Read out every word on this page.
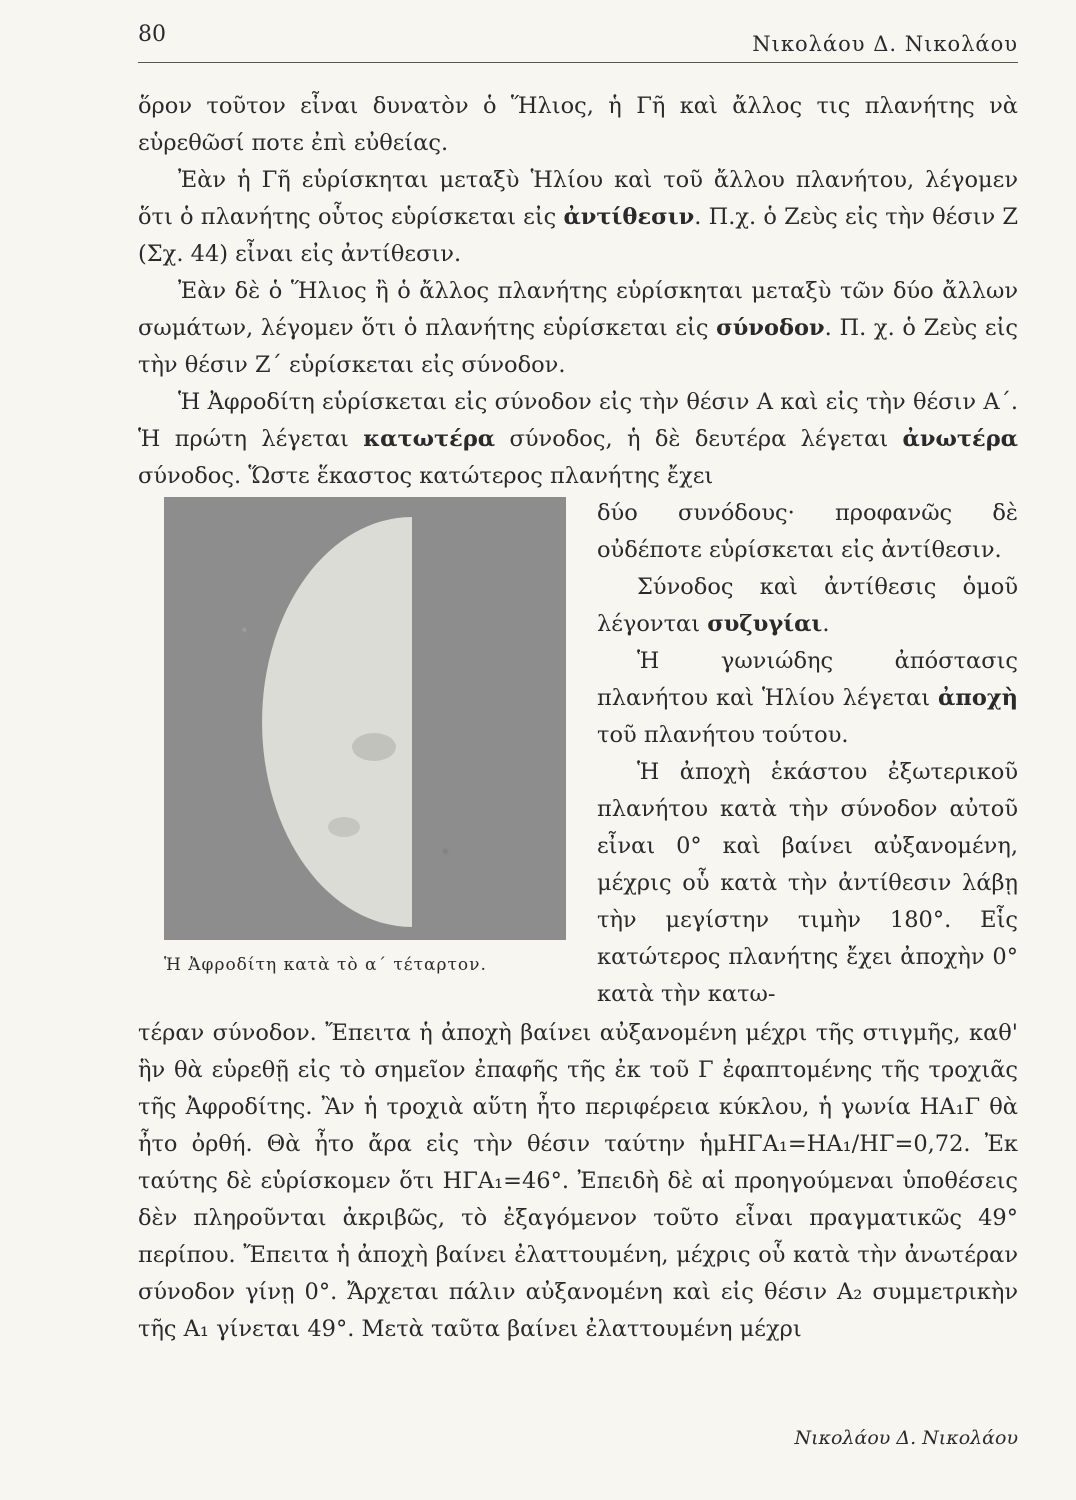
80	Νικολάου Δ. Νικολάου

ὅρον τοῦτον εἶναι δυνατὸν ὁ Ἥλιος, ἡ Γῆ καὶ ἄλλος τις πλανήτης νὰ εὑρεθῶσί ποτε ἐπὶ εὐθείας.

Ἐὰν ἡ Γῆ εὑρίσκηται μεταξὺ Ἡλίου καὶ τοῦ ἄλλου πλανήτου, λέγομεν ὅτι ὁ πλανήτης οὗτος εὑρίσκεται εἰς ἀντίθεσιν. Π.χ. ὁ Ζεὺς εἰς τὴν θέσιν Ζ (Σχ. 44) εἶναι εἰς ἀντίθεσιν.

Ἐὰν δὲ ὁ Ἥλιος ἢ ὁ ἄλλος πλανήτης εὑρίσκηται μεταξὺ τῶν δύο ἄλλων σωμάτων, λέγομεν ὅτι ὁ πλανήτης εὑρίσκεται εἰς σύνοδον. Π. χ. ὁ Ζεὺς εἰς τὴν θέσιν Ζ΄ εὑρίσκεται εἰς σύνοδον.

Ἡ Ἀφροδίτη εὑρίσκεται εἰς σύνοδον εἰς τὴν θέσιν Α καὶ εἰς τὴν θέσιν Α΄. Ἡ πρώτη λέγεται κατωτέρα σύνοδος, ἡ δὲ δευτέρα λέγεται ἀνωτέρα σύνοδος. Ὥστε ἕκαστος κατώτερος πλανήτης ἔχει

Ἡ Ἀφροδίτη κατὰ τὸ α΄ τέταρτον.

δύο συνόδους· προφανῶς δὲ οὐδέποτε εὑρίσκεται εἰς ἀντίθεσιν.

Σύνοδος καὶ ἀντίθεσις ὁμοῦ λέγονται συζυγίαι.

Ἡ γωνιώδης ἀπόστασις πλανήτου καὶ Ἡλίου λέγεται ἀποχὴ τοῦ πλανήτου τούτου.

Ἡ ἀποχὴ ἑκάστου ἐξωτερικοῦ πλανήτου κατὰ τὴν σύνοδον αὐτοῦ εἶναι 0° καὶ βαίνει αὐξανομένη, μέχρις οὗ κατὰ τὴν ἀντίθεσιν λάβῃ τὴν μεγίστην τιμὴν 180°. Εἷς κατώτερος πλανήτης ἔχει ἀποχὴν 0° κατὰ τὴν κατω-

τέραν σύνοδον. Ἔπειτα ἡ ἀποχὴ βαίνει αὐξανομένη μέχρι τῆς στιγμῆς, καθ' ἣν θὰ εὑρεθῇ εἰς τὸ σημεῖον ἐπαφῆς τῆς ἐκ τοῦ Γ ἐφαπτομένης τῆς τροχιᾶς τῆς Ἀφροδίτης. Ἂν ἡ τροχιὰ αὕτη ἦτο περιφέρεια κύκλου, ἡ γωνία ΗΑ₁Γ θὰ ἦτο ὀρθή. Θὰ ἦτο ἄρα εἰς τὴν θέσιν ταύτην ἡμΗΓΑ₁=ΗΑ₁/ΗΓ=0,72. Ἐκ ταύτης δὲ εὑρίσκομεν ὅτι ΗΓΑ₁=46°. Ἐπειδὴ δὲ αἱ προηγούμεναι ὑποθέσεις δὲν πληροῦνται ἀκριβῶς, τὸ ἐξαγόμενον τοῦτο εἶναι πραγματικῶς 49° περίπου. Ἔπειτα ἡ ἀποχὴ βαίνει ἐλαττουμένη, μέχρις οὗ κατὰ τὴν ἀνωτέραν σύνοδον γίνῃ 0°. Ἄρχεται πάλιν αὐξανομένη καὶ εἰς θέσιν Α₂ συμμετρικὴν τῆς Α₁ γίνεται 49°. Μετὰ ταῦτα βαίνει ἐλαττουμένη μέχρι

Νικολάου Δ. Νικολάου
